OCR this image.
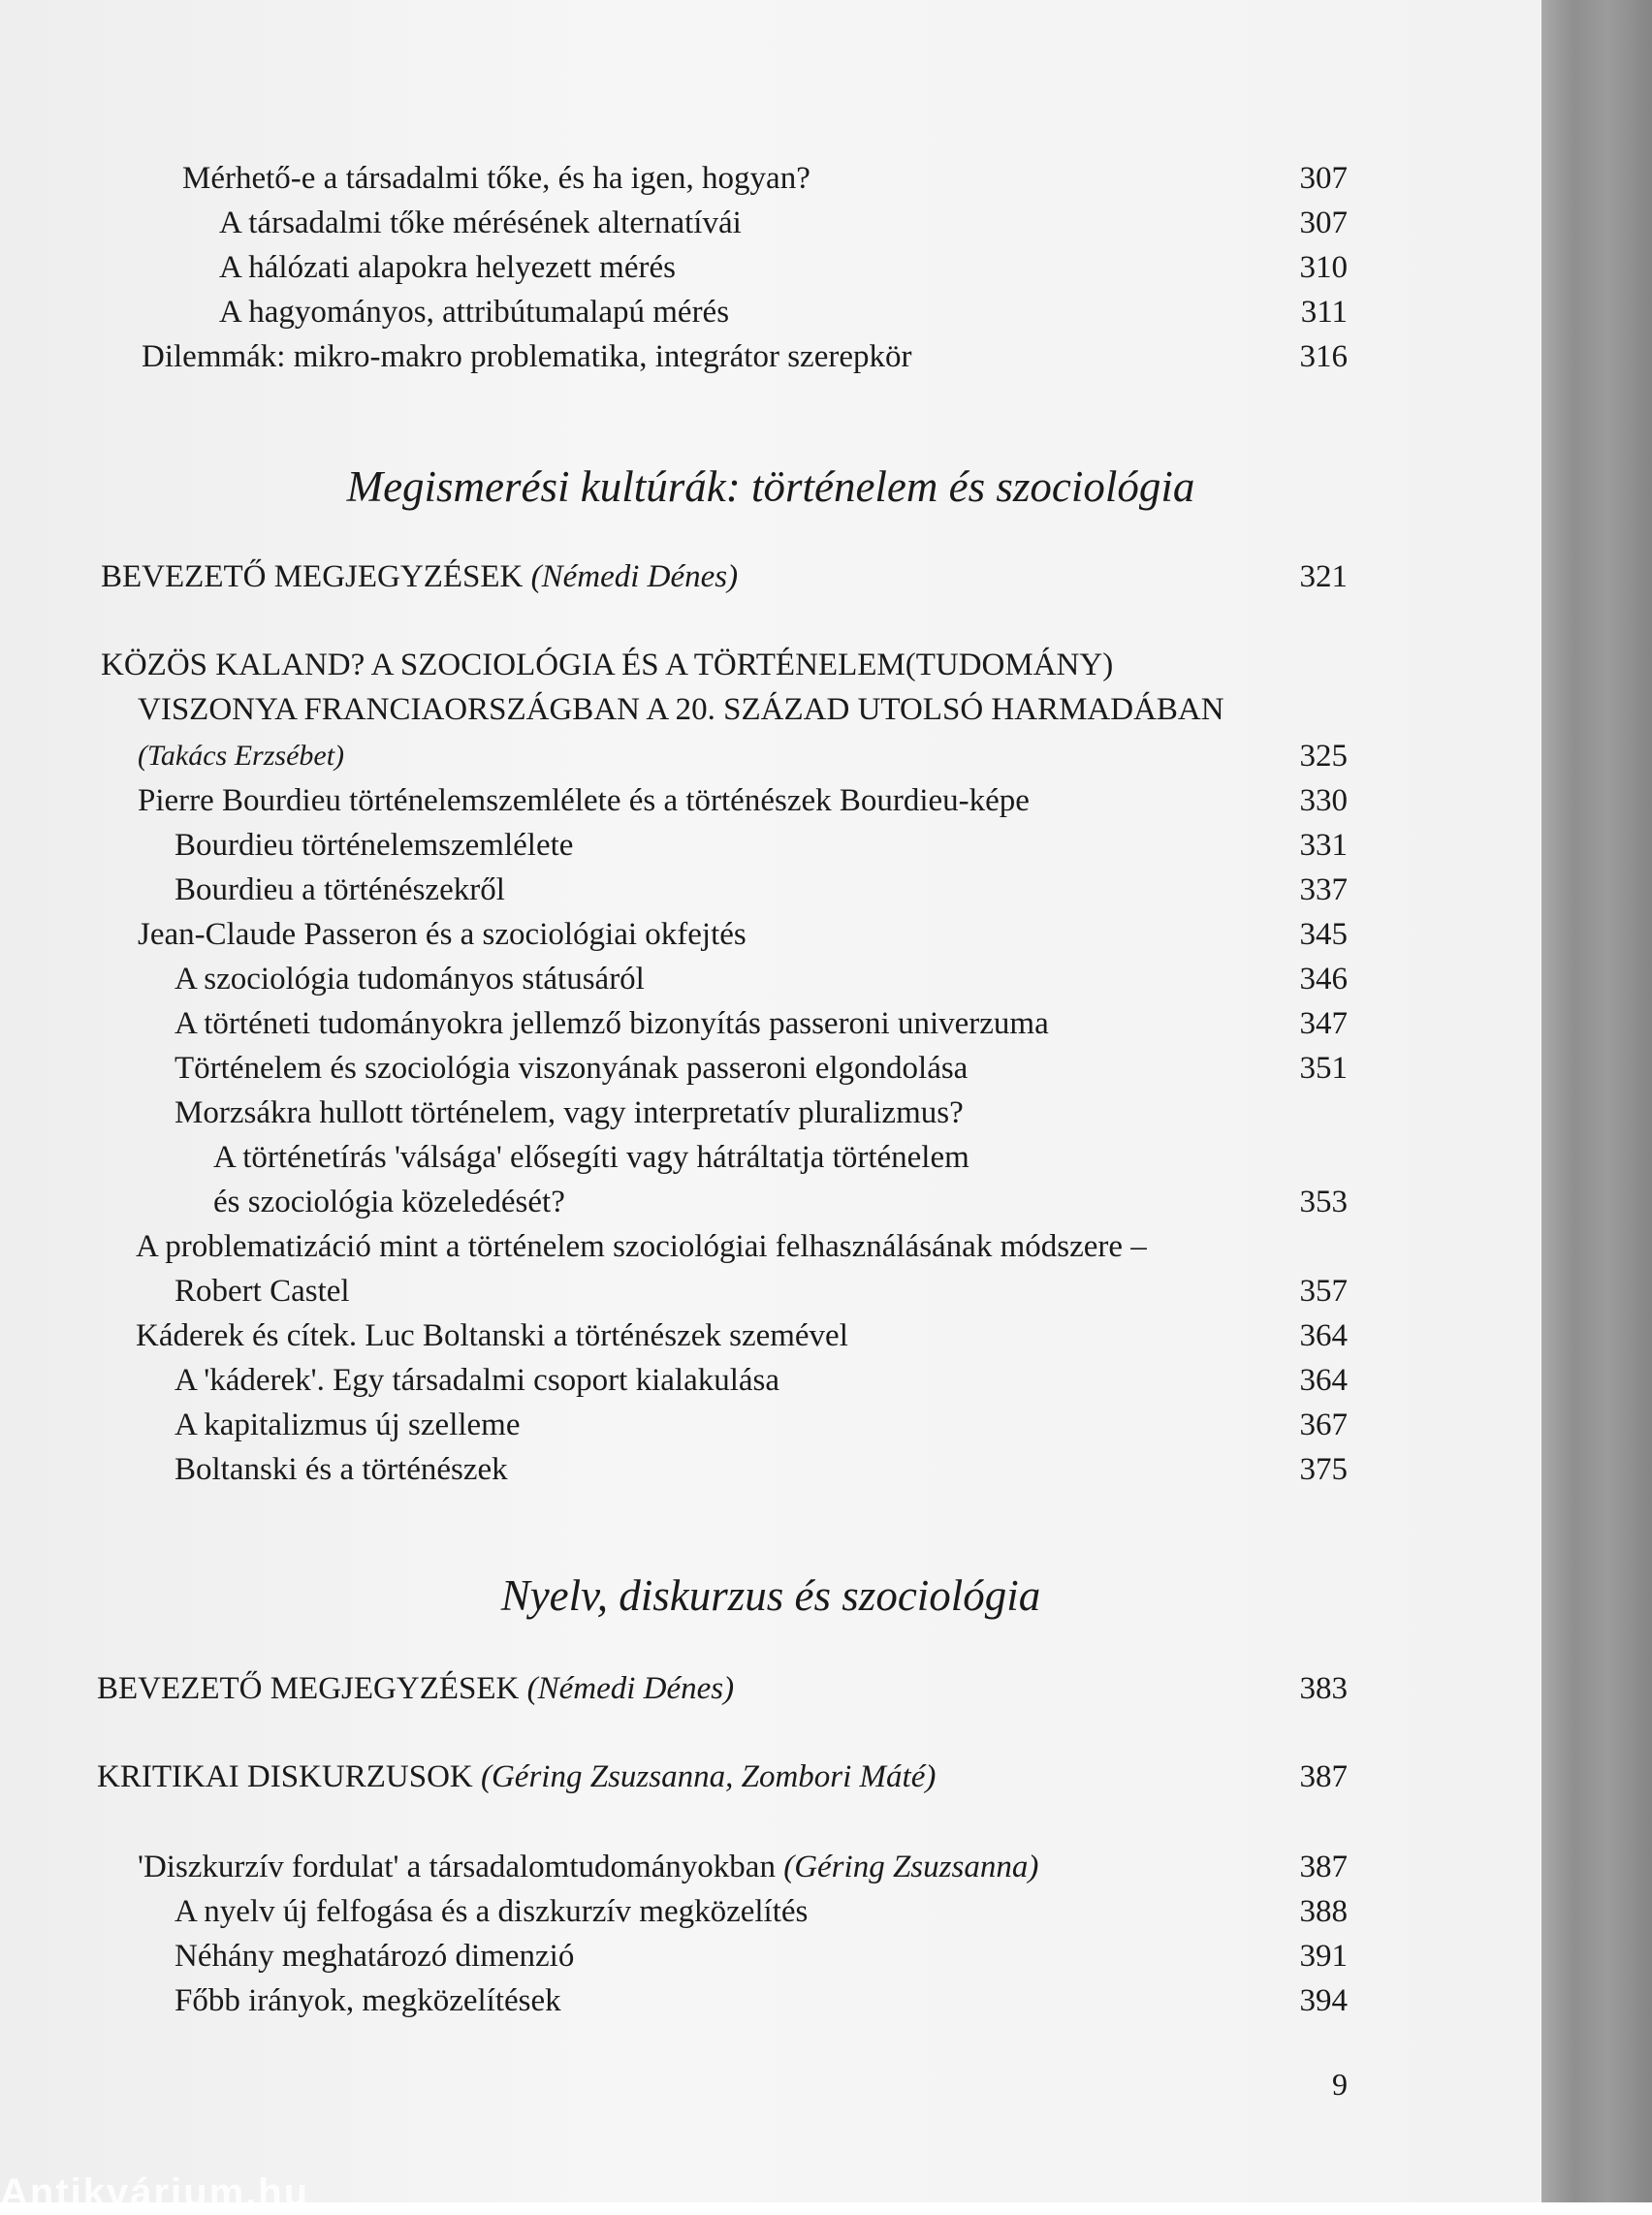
Mérhető-e a társadalmi tőke, és ha igen, hogyan?	307
A társadalmi tőke mérésének alternatívái	307
A hálózati alapokra helyezett mérés	310
A hagyományos, attribútumalapú mérés	311
Dilemmák: mikro-makro problematika, integrátor szerepkör	316
Megismerési kultúrák: történelem és szociológia
BEVEZETŐ MEGJEGYZÉSEK (Némedi Dénes)	321
KÖZÖS KALAND? A SZOCIOLÓGIA ÉS A TÖRTÉNELEM(TUDOMÁNY)
VISZONYA FRANCIAORSZÁGBAN A 20. SZÁZAD UTOLSÓ HARMADÁBAN
(Takács Erzsébet)	325
Pierre Bourdieu történelemszemlélete és a történészek Bourdieu-képe	330
Bourdieu történelemszemlélete	331
Bourdieu a történészekről	337
Jean-Claude Passeron és a szociológiai okfejtés	345
A szociológia tudományos státusáról	346
A történeti tudományokra jellemző bizonyítás passeroni univerzuma	347
Történelem és szociológia viszonyának passeroni elgondolása	351
Morzsákra hullott történelem, vagy interpretatív pluralizmus?
A történetírás 'válsága' elősegíti vagy hátráltatja történelem
és szociológia közeledését?	353
A problematizáció mint a történelem szociológiai felhasználásának módszere –
Robert Castel	357
Káderek és cítek. Luc Boltanski a történészek szemével	364
A 'káderek'. Egy társadalmi csoport kialakulása	364
A kapitalizmus új szelleme	367
Boltanski és a történészek	375
Nyelv, diskurzus és szociológia
BEVEZETŐ MEGJEGYZÉSEK (Némedi Dénes)	383
KRITIKAI DISKURZUSOK (Géring Zsuzsanna, Zombori Máté)	387
'Diszkurzív fordulat' a társadalomtudományokban (Géring Zsuzsanna)	387
A nyelv új felfogása és a diszkurzív megközelítés	388
Néhány meghatározó dimenzió	391
Főbb irányok, megközelítések	394
9
Antikvárium.hu
